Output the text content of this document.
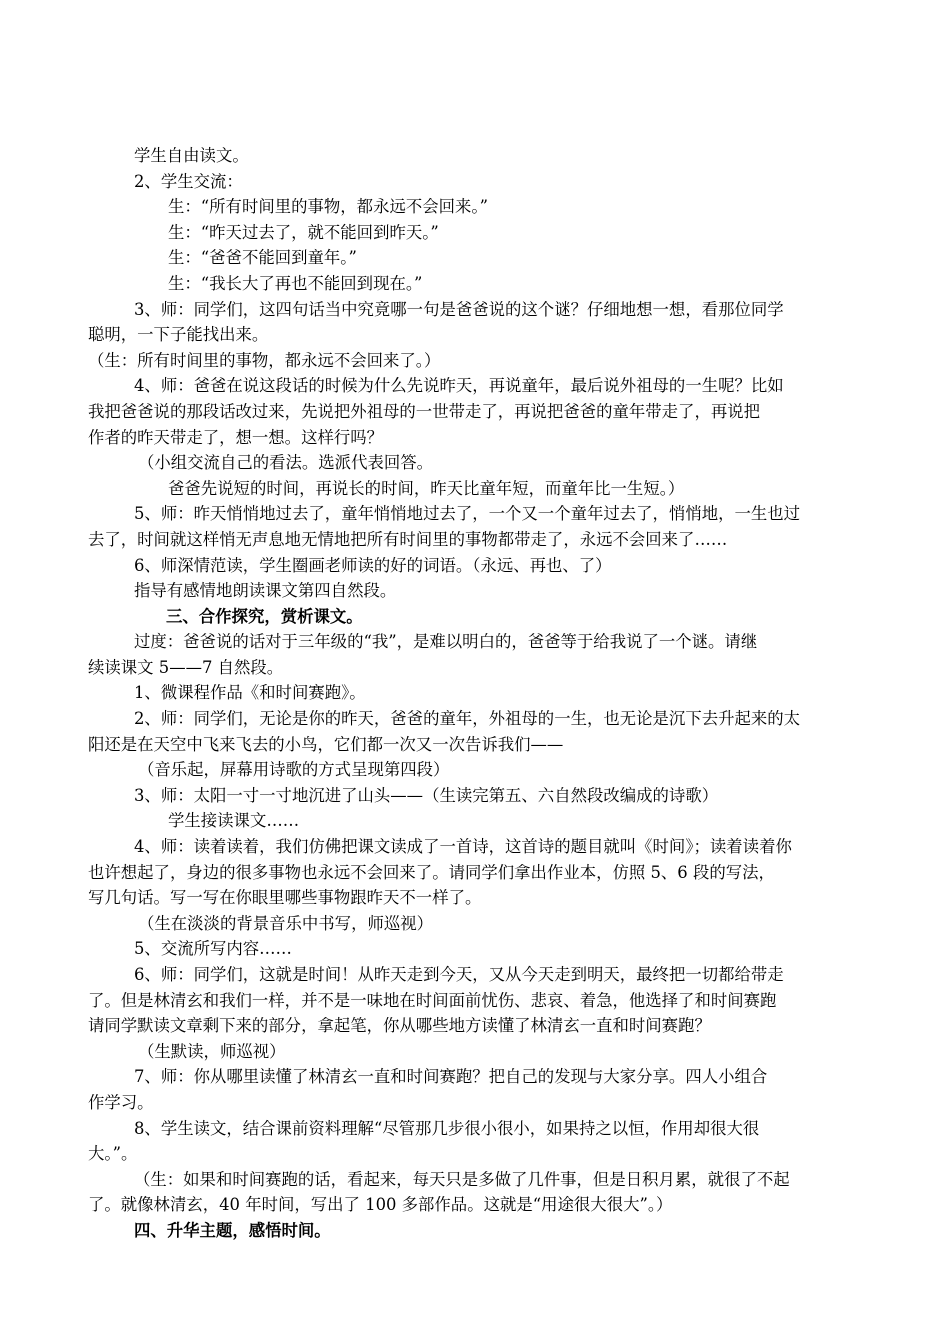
学生自由读文。
2、学生交流：
生：“所有时间里的事物，都永远不会回来。”
生：“昨天过去了，就不能回到昨天。”
生：“爸爸不能回到童年。”
生：“我长大了再也不能回到现在。”
3、师：同学们，这四句话当中究竟哪一句是爸爸说的这个谜？仔细地想一想，看那位同学
聪明，一下子能找出来。
（生：所有时间里的事物，都永远不会回来了。）
4、师：爸爸在说这段话的时候为什么先说昨天，再说童年，最后说外祖母的一生呢？比如
我把爸爸说的那段话改过来，先说把外祖母的一世带走了，再说把爸爸的童年带走了，再说把
作者的昨天带走了，想一想。这样行吗？
（小组交流自己的看法。选派代表回答。
爸爸先说短的时间，再说长的时间，昨天比童年短，而童年比一生短。）
5、师：昨天悄悄地过去了，童年悄悄地过去了，一个又一个童年过去了，悄悄地，一生也过
去了，时间就这样悄无声息地无情地把所有时间里的事物都带走了，永远不会回来了……
6、师深情范读，学生圈画老师读的好的词语。（永远、再也、了）
指导有感情地朗读课文第四自然段。
三、合作探究，赏析课文。
过度：爸爸说的话对于三年级的“我”，是难以明白的，爸爸等于给我说了一个谜。请继
续读课文 5——7 自然段。
1、微课程作品《和时间赛跑》。
2、师：同学们，无论是你的昨天，爸爸的童年，外祖母的一生，也无论是沉下去升起来的太
阳还是在天空中飞来飞去的小鸟，它们都一次又一次告诉我们——
（音乐起，屏幕用诗歌的方式呈现第四段）
3、师：太阳一寸一寸地沉进了山头——（生读完第五、六自然段改编成的诗歌）
学生接读课文……
4、师：读着读着，我们仿佛把课文读成了一首诗，这首诗的题目就叫《时间》；读着读着你
也许想起了，身边的很多事物也永远不会回来了。请同学们拿出作业本，仿照 5、6 段的写法，
写几句话。写一写在你眼里哪些事物跟昨天不一样了。
（生在淡淡的背景音乐中书写，师巡视）
5、交流所写内容……
6、师：同学们，这就是时间！从昨天走到今天，又从今天走到明天，最终把一切都给带走
了。但是林清玄和我们一样，并不是一味地在时间面前忧伤、悲哀、着急，他选择了和时间赛跑
请同学默读文章剩下来的部分，拿起笔，你从哪些地方读懂了林清玄一直和时间赛跑？
（生默读，师巡视）
7、师：你从哪里读懂了林清玄一直和时间赛跑？把自己的发现与大家分享。四人小组合
作学习。
8、学生读文，结合课前资料理解“尽管那几步很小很小，如果持之以恒，作用却很大很
大。”。
（生：如果和时间赛跑的话，看起来，每天只是多做了几件事，但是日积月累，就很了不起
了。就像林清玄，40 年时间，写出了 100 多部作品。这就是“用途很大很大”。）
四、升华主题，感悟时间。
